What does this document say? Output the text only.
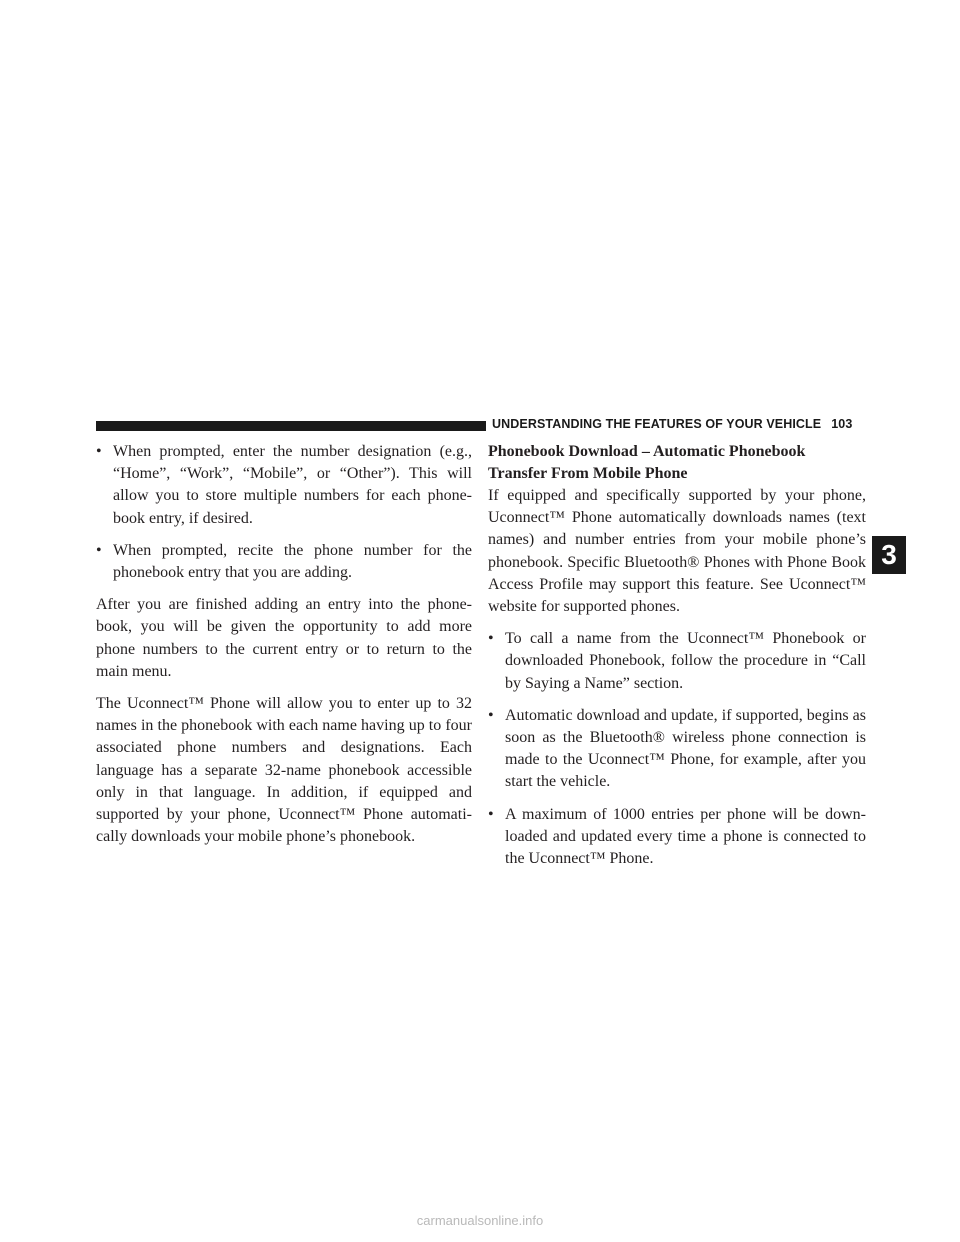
UNDERSTANDING THE FEATURES OF YOUR VEHICLE 103
• When prompted, enter the number designation (e.g., “Home”, “Work”, “Mobile”, or “Other”). This will allow you to store multiple numbers for each phone-book entry, if desired.
• When prompted, recite the phone number for the phonebook entry that you are adding.

After you are finished adding an entry into the phone-book, you will be given the opportunity to add more phone numbers to the current entry or to return to the main menu.

The Uconnect™ Phone will allow you to enter up to 32 names in the phonebook with each name having up to four associated phone numbers and designations. Each language has a separate 32-name phonebook accessible only in that language. In addition, if equipped and supported by your phone, Uconnect™ Phone automati-cally downloads your mobile phone’s phonebook.

Phonebook Download – Automatic Phonebook Transfer From Mobile Phone

If equipped and specifically supported by your phone, Uconnect™ Phone automatically downloads names (text names) and number entries from your mobile phone’s phonebook. Specific Bluetooth® Phones with Phone Book Access Profile may support this feature. See Uconnect™ website for supported phones.

• To call a name from the Uconnect™ Phonebook or downloaded Phonebook, follow the procedure in “Call by Saying a Name” section.
• Automatic download and update, if supported, begins as soon as the Bluetooth® wireless phone connection is made to the Uconnect™ Phone, for example, after you start the vehicle.
• A maximum of 1000 entries per phone will be down-loaded and updated every time a phone is connected to the Uconnect™ Phone.
3
carmanualsonline.info
